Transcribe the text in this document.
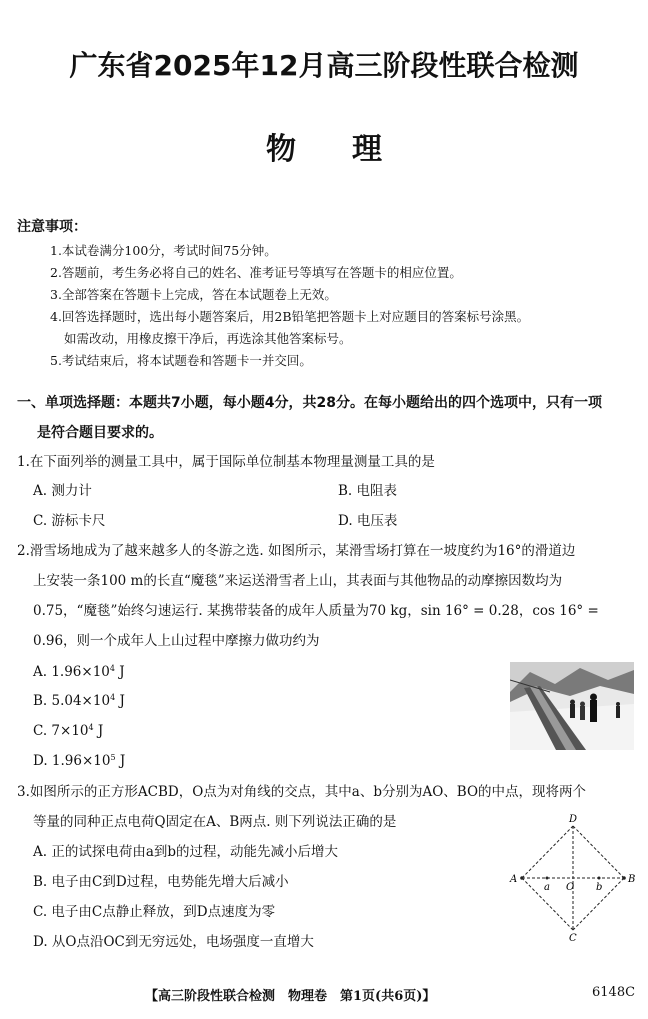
广东省2025年12月高三阶段性联合检测
物理
注意事项：
1.本试卷满分100分，考试时间75分钟。
2.答题前，考生务必将自己的姓名、准考证号等填写在答题卡的相应位置。
3.全部答案在答题卡上完成，答在本试题卷上无效。
4.回答选择题时，选出每小题答案后，用2B铅笔把答题卡上对应题目的答案标号涂黑。
如需改动，用橡皮擦干净后，再选涂其他答案标号。
5.考试结束后，将本试题卷和答题卡一并交回。
一、单项选择题：本题共7小题，每小题4分，共28分。在每小题给出的四个选项中，只有一项
是符合题目要求的。
1.在下面列举的测量工具中，属于国际单位制基本物理量测量工具的是
A. 测力计	B. 电阻表
C. 游标卡尺	D. 电压表
2.滑雪场地成为了越来越多人的冬游之选. 如图所示，某滑雪场打算在一坡度约为16°的滑道边
上安装一条100 m的长直“魔毯”来运送滑雪者上山，其表面与其他物品的动摩擦因数均为
0.75，“魔毯”始终匀速运行. 某携带装备的成年人质量为70 kg，sin 16° = 0.28，cos 16° =
0.96，则一个成年人上山过程中摩擦力做功约为
A. $1.96\times 10^4$ J
B. $5.04\times 10^4$ J
C. $7\times 10^4$ J
D. $1.96\times 10^5$ J
3.如图所示的正方形ACBD，O点为对角线的交点，其中a、b分别为AO、BO的中点，现将两个
等量的同种正点电荷Q固定在A、B两点. 则下列说法正确的是
A. 正的试探电荷由a到b的过程，动能先减小后增大
B. 电子由C到D过程，电势能先增大后减小
C. 电子由C点静止释放，到D点速度为零
D. 从O点沿OC到无穷远处，电场强度一直增大
A	B
C
D
O
a	b
【高三阶段性联合检测　物理卷　第1页(共6页)】	6148C
